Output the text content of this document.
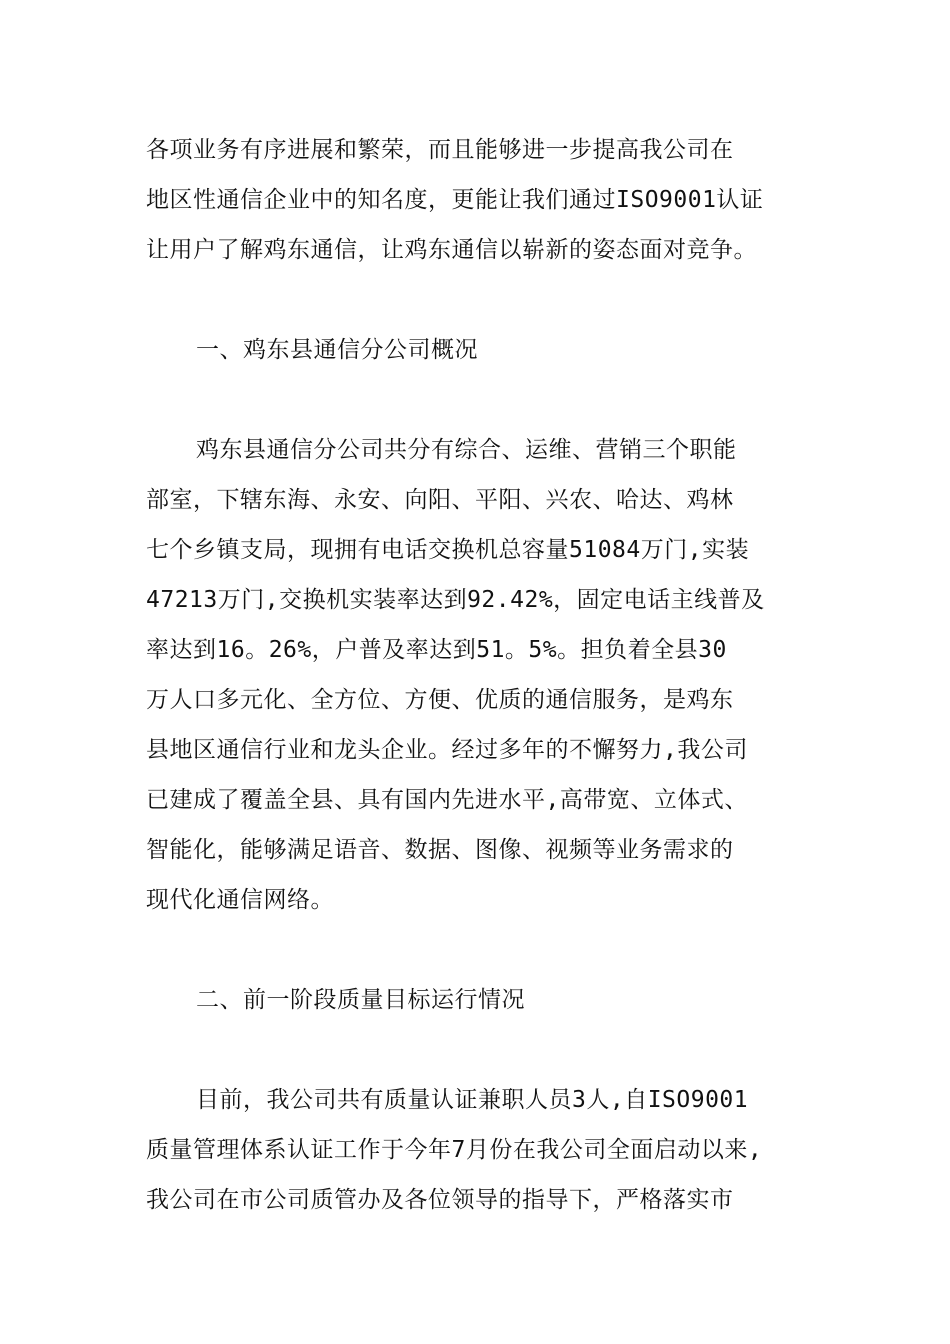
各项业务有序进展和繁荣，而且能够进一步提高我公司在
地区性通信企业中的知名度，更能让我们通过ISO9001认证
让用户了解鸡东通信，让鸡东通信以崭新的姿态面对竞争。
一、鸡东县通信分公司概况
鸡东县通信分公司共分有综合、运维、营销三个职能
部室，下辖东海、永安、向阳、平阳、兴农、哈达、鸡林
七个乡镇支局，现拥有电话交换机总容量51084万门,实装
47213万门,交换机实装率达到92.42%，固定电话主线普及
率达到16。26%，户普及率达到51。5%。担负着全县30
万人口多元化、全方位、方便、优质的通信服务，是鸡东
县地区通信行业和龙头企业。经过多年的不懈努力,我公司
已建成了覆盖全县、具有国内先进水平,高带宽、立体式、
智能化，能够满足语音、数据、图像、视频等业务需求的
现代化通信网络。
二、前一阶段质量目标运行情况
目前，我公司共有质量认证兼职人员3人,自ISO9001
质量管理体系认证工作于今年7月份在我公司全面启动以来,
我公司在市公司质管办及各位领导的指导下，严格落实市
